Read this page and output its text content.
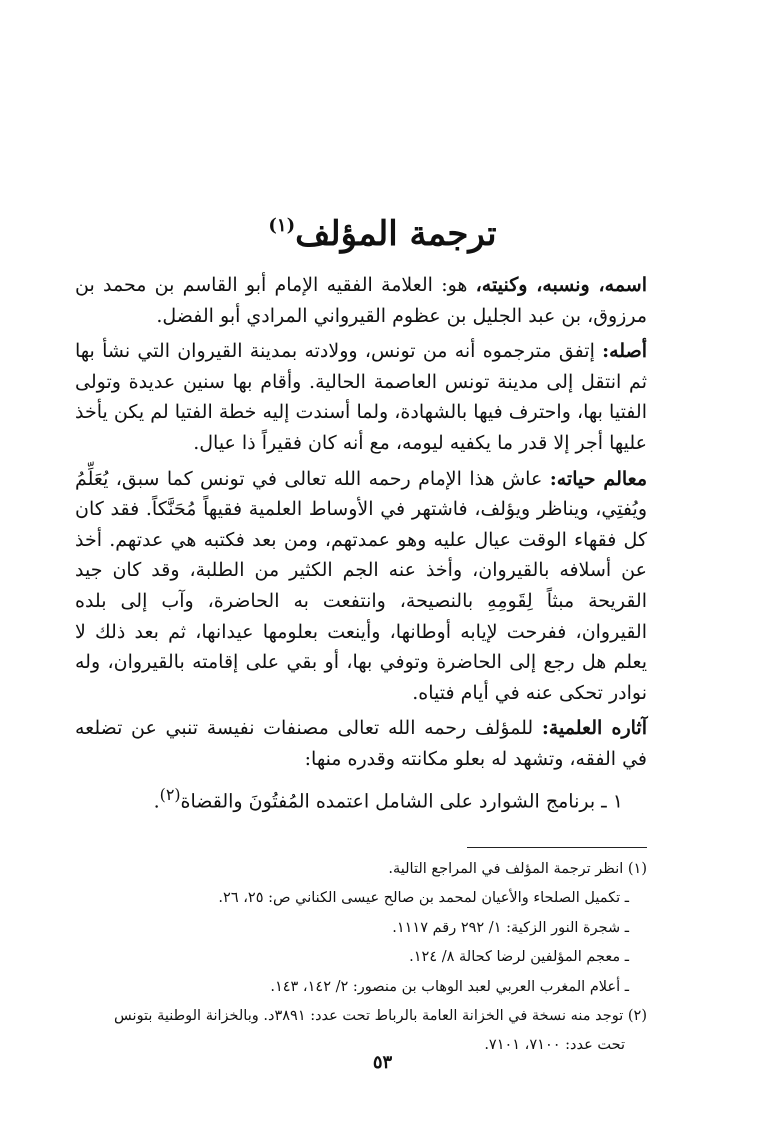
ترجمة المؤلف$^{(١)}$

اسمه، ونسبه، وكنيته، هو: العلامة الفقيه الإمام أبو القاسم بن محمد بن مرزوق، بن عبد الجليل بن عظوم القيرواني المرادي أبو الفضل.

أصله: إتفق مترجموه أنه من تونس، وولادته بمدينة القيروان التي نشأ بها ثم انتقل إلى مدينة تونس العاصمة الحالية. وأقام بها سنين عديدة وتولى الفتيا بها، واحترف فيها بالشهادة، ولما أسندت إليه خطة الفتيا لم يكن يأخذ عليها أجر إلا قدر ما يكفيه ليومه، مع أنه كان فقيراً ذا عيال.

معالم حياته: عاش هذا الإمام رحمه الله تعالى في تونس كما سبق، يُعَلِّمُ ويُفتِي، ويناظر ويؤلف، فاشتهر في الأوساط العلمية فقيهاً مُحَنَّكاً. فقد كان كل فقهاء الوقت عيال عليه وهو عمدتهم، ومن بعد فكتبه هي عدتهم. أخذ عن أسلافه بالقيروان، وأخذ عنه الجم الكثير من الطلبة، وقد كان جيد القريحة مبثاً لِقَومِهِ بالنصيحة، وانتفعت به الحاضرة، وآب إلى بلده القيروان، ففرحت لإيابه أوطانها، وأينعت بعلومها عيدانها، ثم بعد ذلك لا يعلم هل رجع إلى الحاضرة وتوفي بها، أو بقي على إقامته بالقيروان، وله نوادر تحكى عنه في أيام فتياه.

آثاره العلمية: للمؤلف رحمه الله تعالى مصنفات نفيسة تنبي عن تضلعه في الفقه، وتشهد له بعلو مكانته وقدره منها:

١ ـ برنامج الشوارد على الشامل اعتمده المُفتُونَ والقضاة$^{(٢)}$.

(١) انظر ترجمة المؤلف في المراجع التالية.
ـ تكميل الصلحاء والأعيان لمحمد بن صالح عيسى الكناني ص: ٢٥، ٢٦.
ـ شجرة النور الزكية: ١/ ٢٩٢ رقم ١١١٧.
ـ معجم المؤلفين لرضا كحالة ٨/ ١٢٤.
ـ أعلام المغرب العربي لعبد الوهاب بن منصور: ٢/ ١٤٢، ١٤٣.
(٢) توجد منه نسخة في الخزانة العامة بالرباط تحت عدد: ٣٨٩١د. وبالخزانة الوطنية بتونس
تحت عدد: ٧١٠٠، ٧١٠١.
٥٣
